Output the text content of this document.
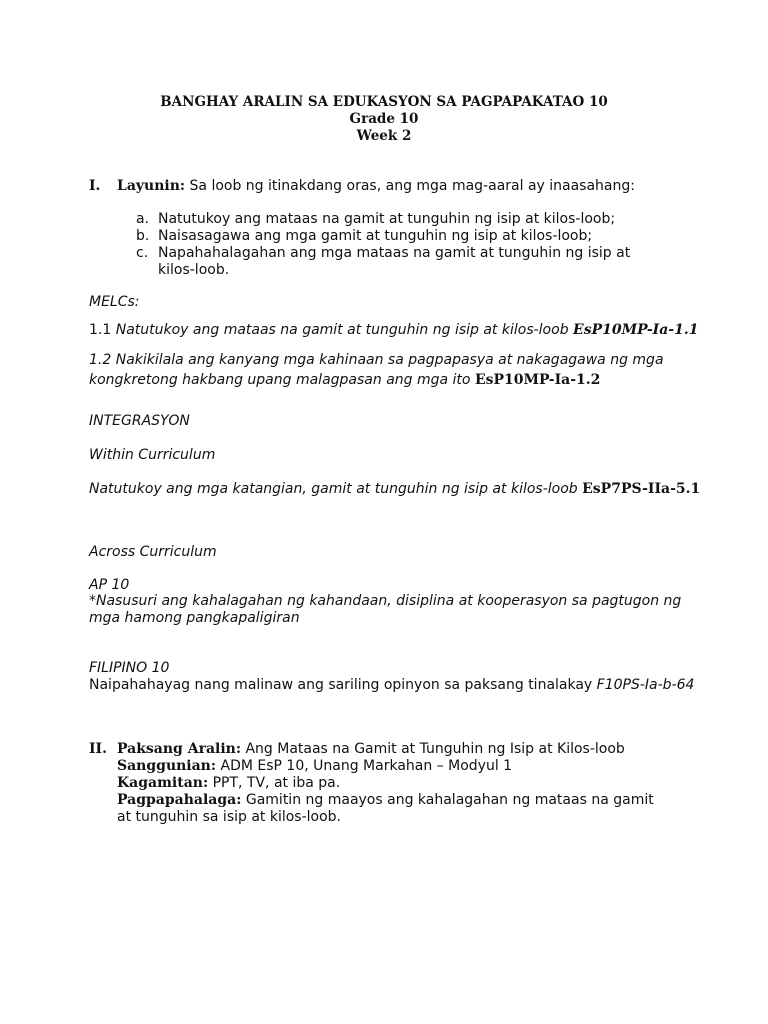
BANGHAY ARALIN SA EDUKASYON SA PAGPAPAKATAO 10
Grade 10
Week 2
I. Layunin: Sa loob ng itinakdang oras, ang mga mag-aaral ay inaasahang:
a. Natutukoy ang mataas na gamit at tunguhin ng isip at kilos-loob;
b. Naisasagawa ang mga gamit at tunguhin ng isip at kilos-loob;
c. Napahahalagahan ang mga mataas na gamit at tunguhin ng isip at kilos-loob.
MELCs:
1.1 Natutukoy ang mataas na gamit at tunguhin ng isip at kilos-loob EsP10MP-Ia-1.1
1.2 Nakikilala ang kanyang mga kahinaan sa pagpapasya at nakagagawa ng mga kongkretong hakbang upang malagpasan ang mga ito EsP10MP-Ia-1.2
INTEGRASYON
Within Curriculum
Natutukoy ang mga katangian, gamit at tunguhin ng isip at kilos-loob EsP7PS-IIa-5.1
Across Curriculum
AP 10
*Nasusuri ang kahalagahan ng kahandaan, disiplina at kooperasyon sa pagtugon ng mga hamong pangkapaligiran
FILIPINO 10
Naipahahayag nang malinaw ang sariling opinyon sa paksang tinalakay F10PS-Ia-b-64
II. Paksang Aralin: Ang Mataas na Gamit at Tunguhin ng Isip at Kilos-loob
Sanggunian: ADM EsP 10, Unang Markahan – Modyul 1
Kagamitan: PPT, TV, at iba pa.
Pagpapahalaga: Gamitin ng maayos ang kahalagahan ng mataas na gamit at tunguhin sa isip at kilos-loob.
